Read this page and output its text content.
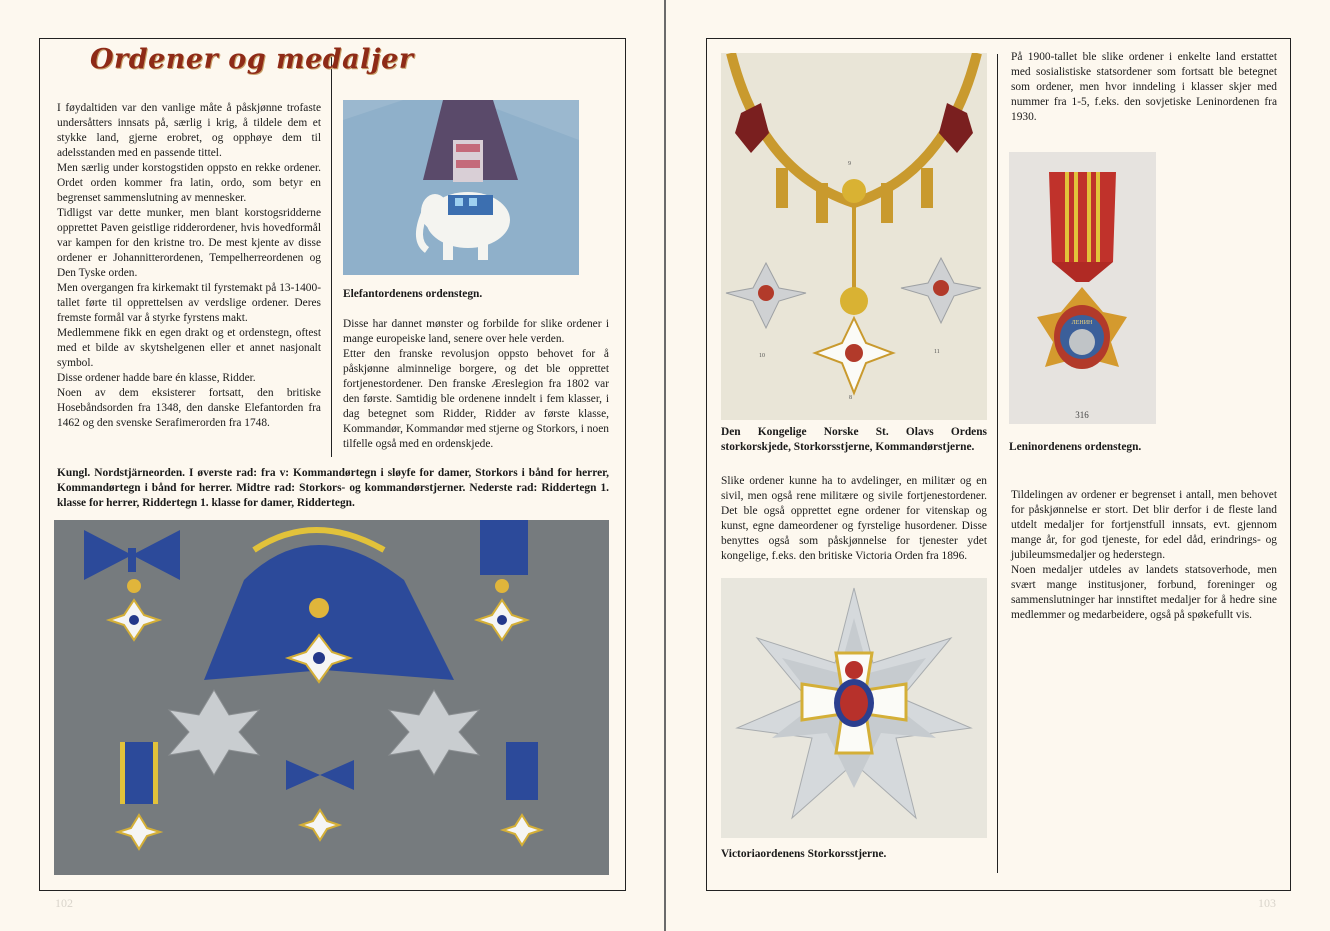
Ordener og medaljer

I føydaltiden var den vanlige måte å påskjønne trofaste undersåtters innsats på, særlig i krig, å tildele dem et stykke land, gjerne erobret, og opphøye dem til adelsstanden med en passende tittel.

Men særlig under korstogstiden oppsto en rekke ordener. Ordet orden kommer fra latin, ordo, som betyr en begrenset sammenslutning av mennesker.

Tidligst var dette munker, men blant korstogsridderne opprettet Paven geistlige ridderordener, hvis hovedformål var kampen for den kristne tro. De mest kjente av disse ordener er Johannitterordenen, Tempelherreordenen og Den Tyske orden.

Men overgangen fra kirkemakt til fyrstemakt på 13-1400-tallet førte til opprettelsen av verdslige ordener. Deres fremste formål var å styrke fyrstens makt.

Medlemmene fikk en egen drakt og et ordenstegn, oftest med et bilde av skytshelgenen eller et annet nasjonalt symbol.

Disse ordener hadde bare én klasse, Ridder.

Noen av dem eksisterer fortsatt, den britiske Hosebåndsorden fra 1348, den danske Elefantorden fra 1462 og den svenske Serafimerorden fra 1748.

Elefantordenens ordenstegn.

Disse har dannet mønster og forbilde for slike ordener i mange europeiske land, senere over hele verden.

Etter den franske revolusjon oppsto behovet for å påskjønne alminnelige borgere, og det ble opprettet fortjenestordener. Den franske Æreslegion fra 1802 var den første. Samtidig ble ordenene inndelt i fem klasser, i dag betegnet som Ridder, Ridder av første klasse, Kommandør, Kommandør med stjerne og Storkors, i noen tilfelle også med en ordenskjede.

Kungl. Nordstjärneorden. I øverste rad: fra v: Kommandørtegn i sløyfe for damer, Storkors i bånd for herrer, Kommandørtegn i bånd for herrer. Midtre rad: Storkors- og kommandørstjerner. Nederste rad: Riddertegn 1. klasse for herrer, Riddertegn 1. klasse for damer, Riddertegn.
102
9
10
8
11
Den Kongelige Norske St. Olavs Ordens storkorskjede, Storkorsstjerne, Kommandørstjerne.
Slike ordener kunne ha to avdelinger, en militær og en sivil, men også rene militære og sivile fortjenestordener. Det ble også opprettet egne ordener for vitenskap og kunst, egne dameordener og fyrstelige husordener. Disse benyttes også som påskjønnelse for tjenester ydet kongelige, f.eks. den britiske Victoria Orden fra 1896.
Victoriaordenens Storkorsstjerne.
På 1900-tallet ble slike ordener i enkelte land erstattet med sosialistiske statsordener som fortsatt ble betegnet som ordener, men hvor inndeling i klasser skjer med nummer fra 1-5, f.eks. den sovjetiske Leninordenen fra 1930.
ЛЕНИН
316
Leninordenens ordenstegn.

Tildelingen av ordener er begrenset i antall, men behovet for påskjønnelse er stort. Det blir derfor i de fleste land utdelt medaljer for fortjenstfull innsats, evt. gjennom mange år, for god tjeneste, for edel dåd, erindrings- og jubileumsmedaljer og hederstegn.

Noen medaljer utdeles av landets statsoverhode, men svært mange institusjoner, forbund, foreninger og sammenslutninger har innstiftet medaljer for å hedre sine medlemmer og medarbeidere, også på spøkefullt vis.

103
